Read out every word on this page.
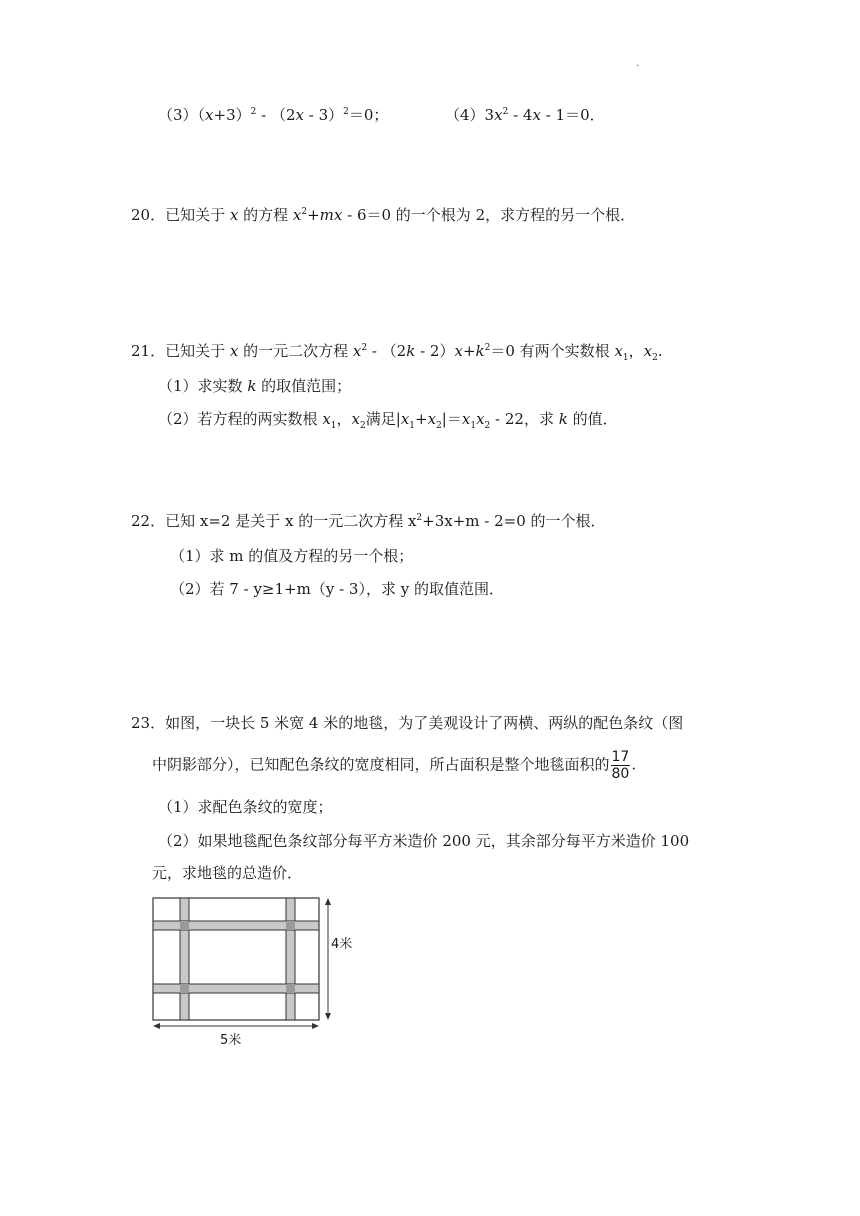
.
$(3)(x+3)^2 - (2x - 3)^2=0$；	$(4)3x^2 - 4x - 1=0$．
20．已知关于 x 的方程 $x^2+mx - 6=0$ 的一个根为 2，求方程的另一个根．
21．已知关于 x 的一元二次方程 $x^2 - (2k - 2)x+k^2=0$ 有两个实数根 $x_1$，$x_2$.
（1）求实数 k 的取值范围；
（2）若方程的两实数根 $x_1$，$x_2$满足$|x_1+x_2|=x_1x_2 - 22$，求 k 的值．
22．已知 x=2 是关于 x 的一元二次方程 $x^2+3x+m - 2=0$ 的一个根．
（1）求 m 的值及方程的另一个根；
（2）若 7 - y≥1+m（y - 3），求 y 的取值范围．
23．如图，一块长 5 米宽 4 米的地毯，为了美观设计了两横、两纵的配色条纹（图
中阴影部分），已知配色条纹的宽度相同，所占面积是整个地毯面积的 $\frac{17}{80}$ .
（1）求配色条纹的宽度；
（2）如果地毯配色条纹部分每平方米造价 200 元，其余部分每平方米造价 100
元，求地毯的总造价．
4米
5米
